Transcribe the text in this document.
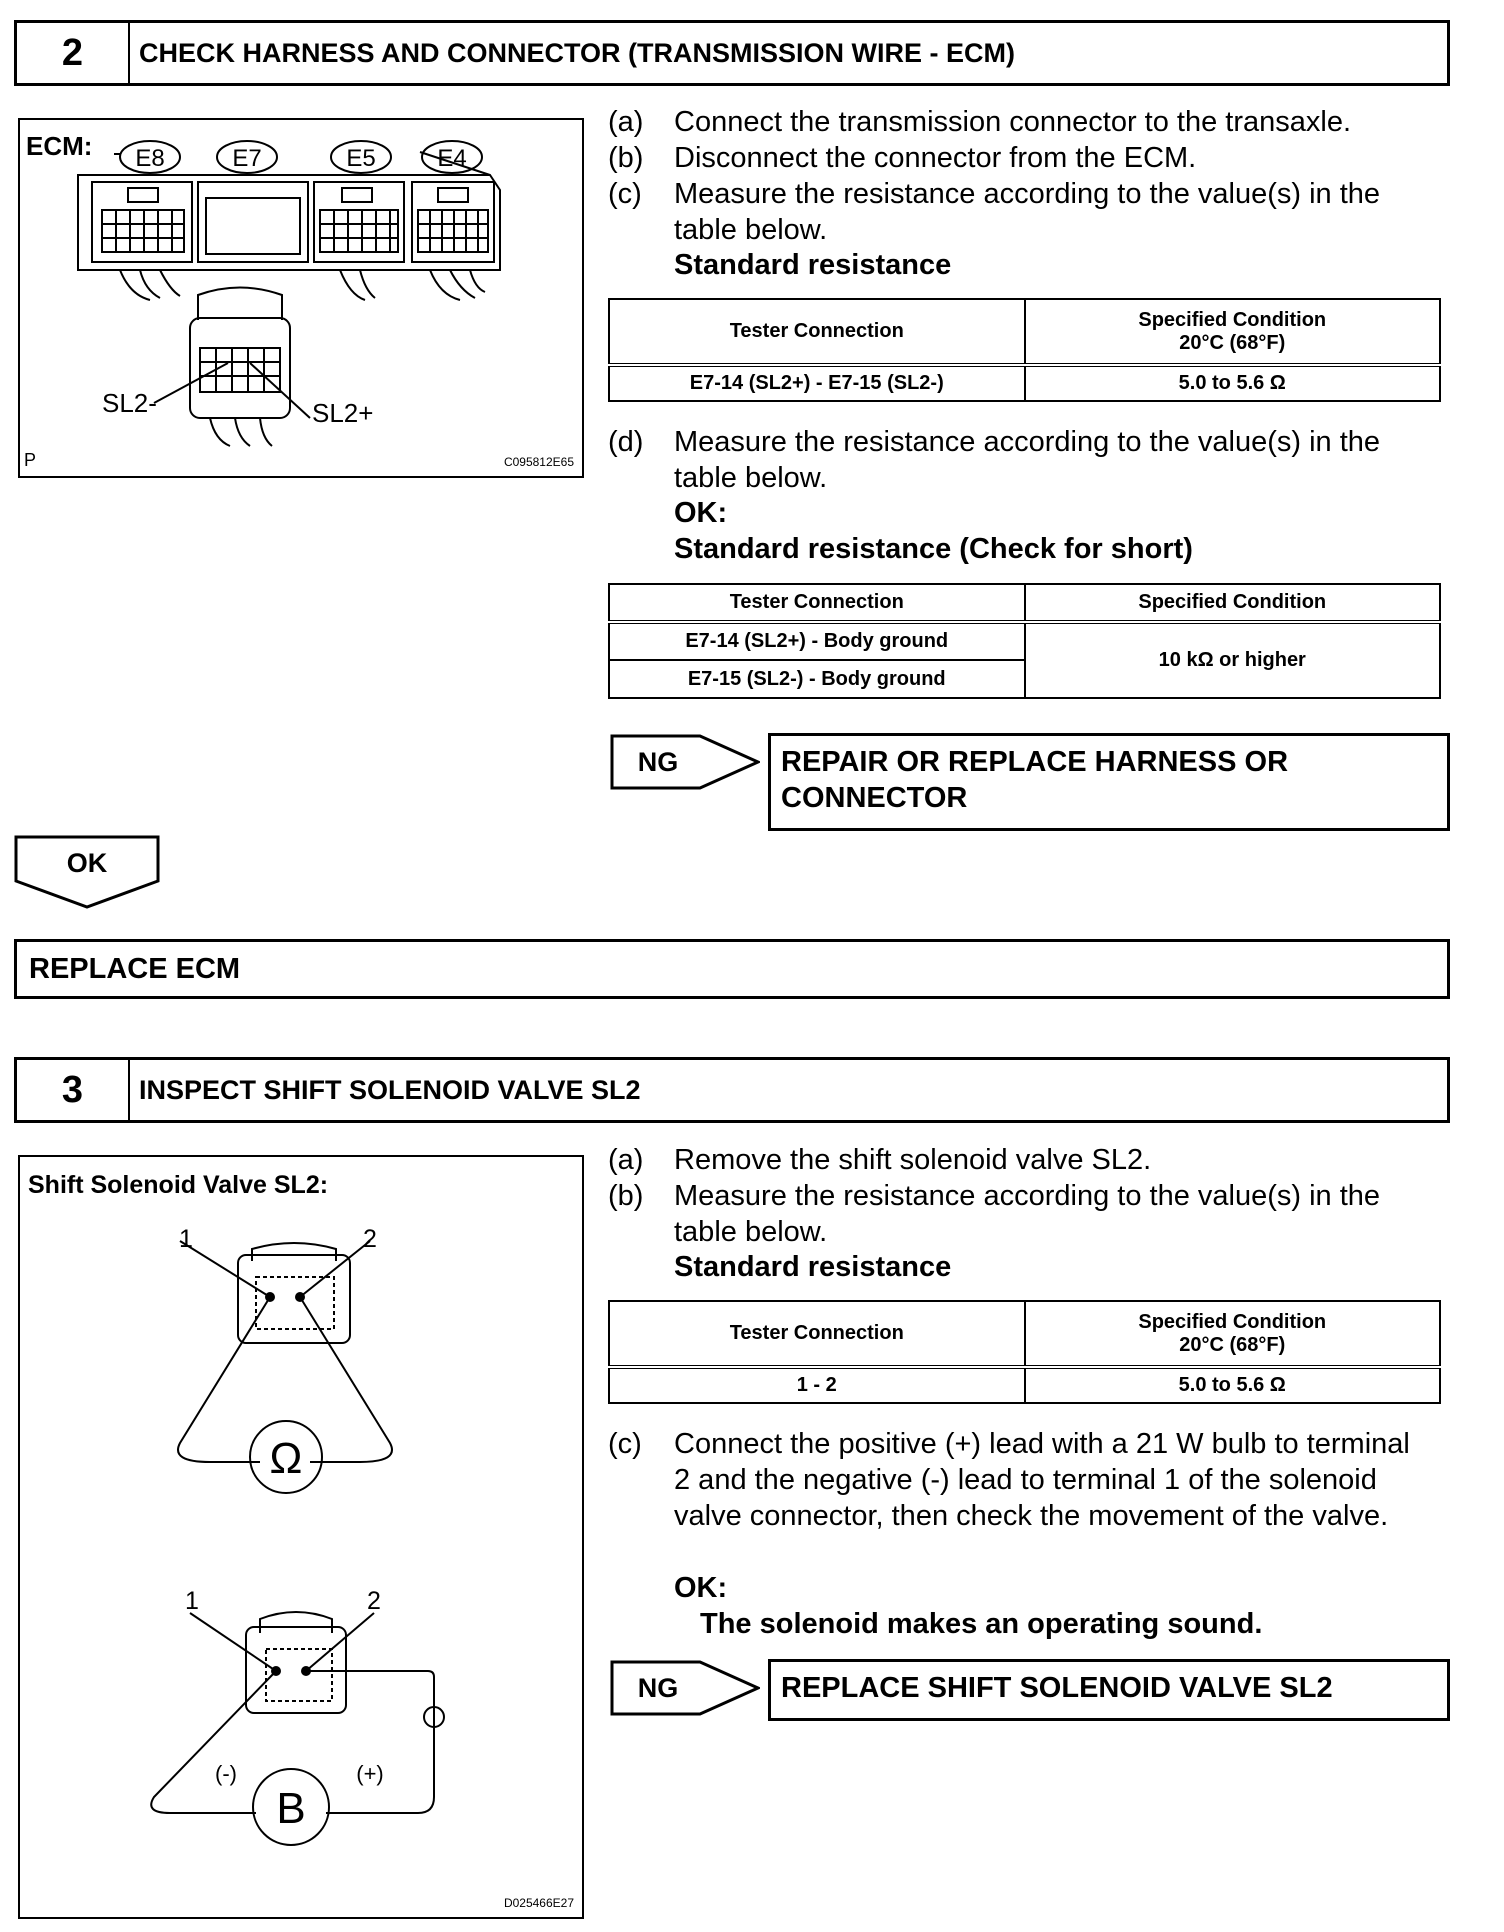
2	CHECK HARNESS AND CONNECTOR (TRANSMISSION WIRE - ECM)
ECM: E8	E7	E5	E4
SL2-	SL2+
P	C095812E65
(a)	Connect the transmission connector to the transaxle.
(b)	Disconnect the connector from the ECM.
(c)	Measure the resistance according to the value(s) in the table below.
Standard resistance
Tester Connection	Specified Condition
20°C (68°F)

E7-14 (SL2+) - E7-15 (SL2-)	5.0 to 5.6 Ω
(d)	Measure the resistance according to the value(s) in the table below.
OK:
Standard resistance (Check for short)
Tester Connection	Specified Condition
E7-14 (SL2+) - Body ground	10 kΩ or higher
E7-15 (SL2-) - Body ground	
NG	REPAIR OR REPLACE HARNESS OR CONNECTOR
OK
REPLACE ECM
3	INSPECT SHIFT SOLENOID VALVE SL2
Shift Solenoid Valve SL2:
1	2
Ω
1	2
B
(-)	(+)
D025466E27
(a)	Remove the shift solenoid valve SL2.
(b)	Measure the resistance according to the value(s) in the table below.
Standard resistance
Tester Connection	Specified Condition
20°C (68°F)

1 - 2	5.0 to 5.6 Ω
(c)	Connect the positive (+) lead with a 21 W bulb to terminal 2 and the negative (-) lead to terminal 1 of the solenoid valve connector, then check the movement of the valve.
OK:
The solenoid makes an operating sound.
NG	REPLACE SHIFT SOLENOID VALVE SL2
